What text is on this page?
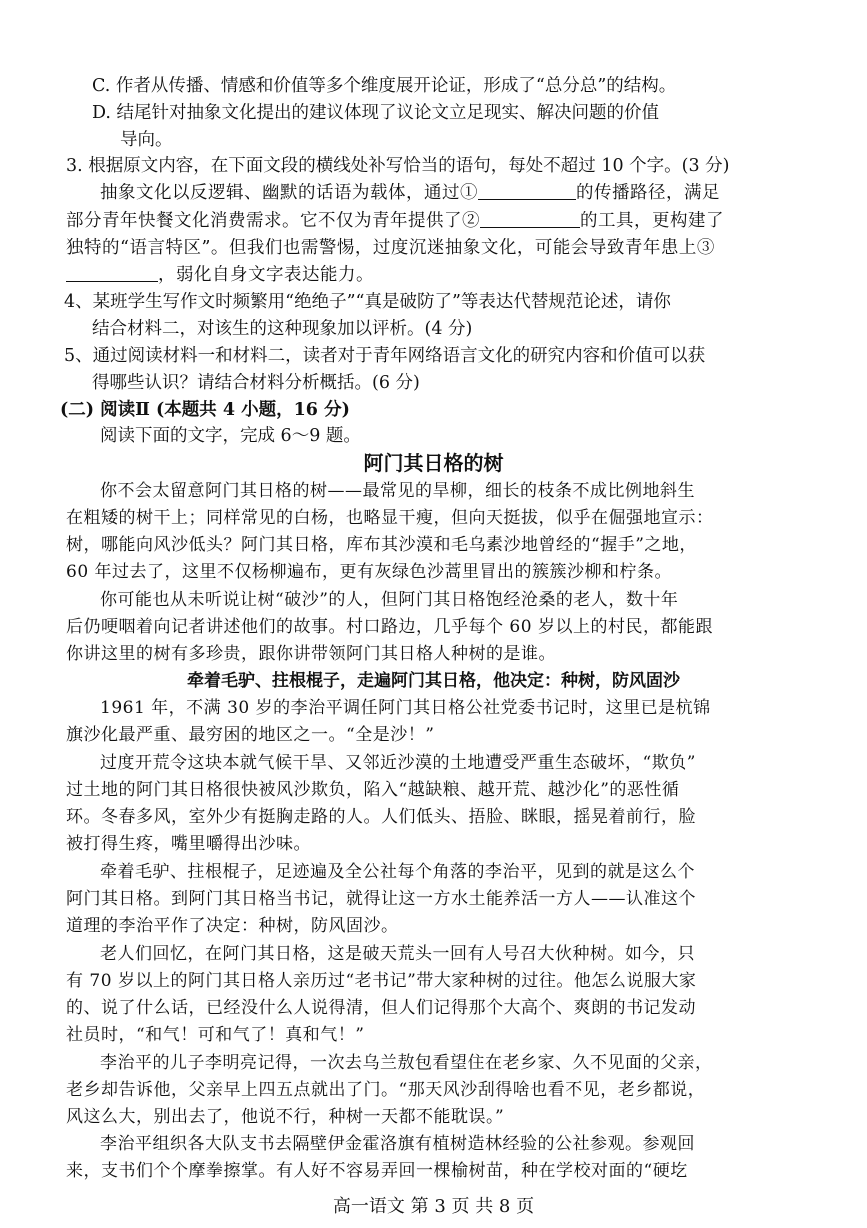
C. 作者从传播、情感和价值等多个维度展开论证，形成了“总分总”的结构。
D. 结尾针对抽象文化提出的建议体现了议论文立足现实、解决问题的价值
导向。
3. 根据原文内容，在下面文段的横线处补写恰当的语句，每处不超过 10 个字。(3 分)
抽象文化以反逻辑、幽默的话语为载体，通过①	的传播路径，满足
部分青年快餐文化消费需求。它不仅为青年提供了②	的工具，更构建了
独特的“语言特区”。但我们也需警惕，过度沉迷抽象文化，可能会导致青年患上③
，弱化自身文字表达能力。
4、某班学生写作文时频繁用“绝绝子”“真是破防了”等表达代替规范论述，请你
结合材料二，对该生的这种现象加以评析。(4 分)
5、通过阅读材料一和材料二，读者对于青年网络语言文化的研究内容和价值可以获
得哪些认识？请结合材料分析概括。(6 分)
(二) 阅读Ⅱ (本题共 4 小题，16 分)
阅读下面的文字，完成 6～9 题。
阿门其日格的树
你不会太留意阿门其日格的树——最常见的旱柳，细长的枝条不成比例地斜生
在粗矮的树干上；同样常见的白杨，也略显干瘦，但向天挺拔，似乎在倔强地宣示：
树，哪能向风沙低头？阿门其日格，库布其沙漠和毛乌素沙地曾经的“握手”之地，
60 年过去了，这里不仅杨柳遍布，更有灰绿色沙蒿里冒出的簇簇沙柳和柠条。
你可能也从未听说让树“破沙”的人，但阿门其日格饱经沧桑的老人，数十年
后仍哽咽着向记者讲述他们的故事。村口路边，几乎每个 60 岁以上的村民，都能跟
你讲这里的树有多珍贵，跟你讲带领阿门其日格人种树的是谁。
牵着毛驴、拄根棍子，走遍阿门其日格，他决定：种树，防风固沙
1961 年，不满 30 岁的李治平调任阿门其日格公社党委书记时，这里已是杭锦
旗沙化最严重、最穷困的地区之一。“全是沙！”
过度开荒令这块本就气候干旱、又邻近沙漠的土地遭受严重生态破坏，“欺负”
过土地的阿门其日格很快被风沙欺负，陷入“越缺粮、越开荒、越沙化”的恶性循
环。冬春多风，室外少有挺胸走路的人。人们低头、捂脸、眯眼，摇晃着前行，脸
被打得生疼，嘴里嚼得出沙味。
牵着毛驴、拄根棍子，足迹遍及全公社每个角落的李治平，见到的就是这么个
阿门其日格。到阿门其日格当书记，就得让这一方水土能养活一方人——认准这个
道理的李治平作了决定：种树，防风固沙。
老人们回忆，在阿门其日格，这是破天荒头一回有人号召大伙种树。如今，只
有 70 岁以上的阿门其日格人亲历过“老书记”带大家种树的过往。他怎么说服大家
的、说了什么话，已经没什么人说得清，但人们记得那个大高个、爽朗的书记发动
社员时，“和气！可和气了！真和气！”
李治平的儿子李明亮记得，一次去乌兰敖包看望住在老乡家、久不见面的父亲，
老乡却告诉他，父亲早上四五点就出了门。“那天风沙刮得啥也看不见，老乡都说，
风这么大，别出去了，他说不行，种树一天都不能耽误。”
李治平组织各大队支书去隔壁伊金霍洛旗有植树造林经验的公社参观。参观回
来，支书们个个摩拳擦掌。有人好不容易弄回一棵榆树苗，种在学校对面的“硬圪
高一语文 第 3 页 共 8 页
